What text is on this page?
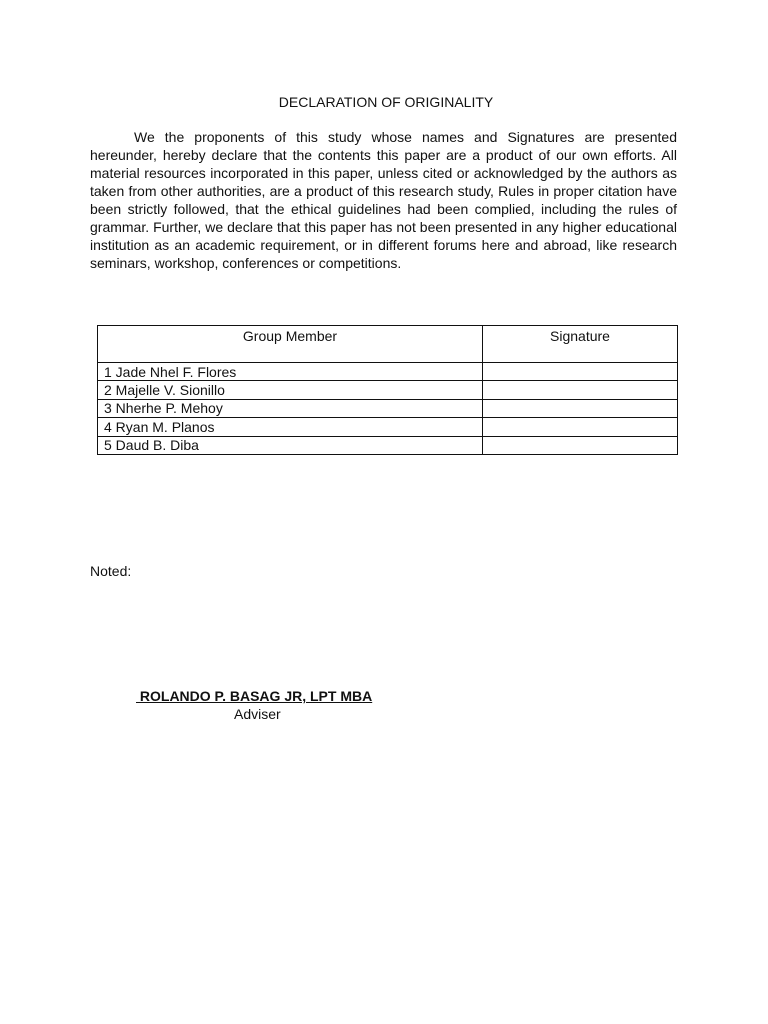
DECLARATION OF ORIGINALITY

We the proponents of this study whose names and Signatures are presented hereunder, hereby declare that the contents this paper are a product of our own efforts. All material resources incorporated in this paper, unless cited or acknowledged by the authors as taken from other authorities, are a product of this research study, Rules in proper citation have been strictly followed, that the ethical guidelines had been complied, including the rules of grammar. Further, we declare that this paper has not been presented in any higher educational institution as an academic requirement, or in different forums here and abroad, like research seminars, workshop, conferences or competitions.

Group Member	Signature
1 Jade Nhel F. Flores	
2 Majelle V. Sionillo	
3 Nherhe P. Mehoy	
4 Ryan M. Planos	
5 Daud B. Diba	
Noted:
ROLANDO P. BASAG JR, LPT MBA
Adviser
